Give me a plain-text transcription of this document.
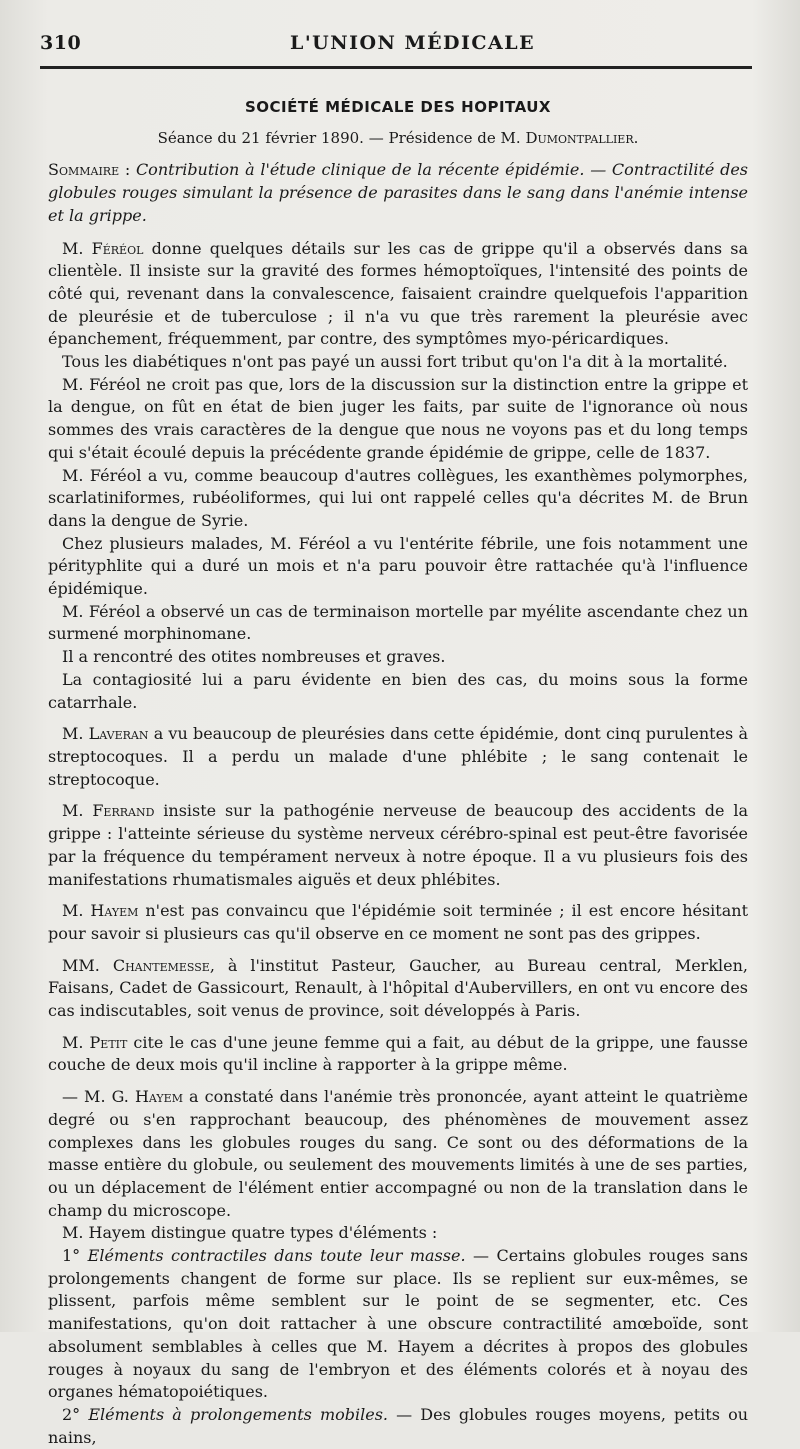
310	L'UNION MÉDICALE
SOCIÉTÉ MÉDICALE DES HOPITAUX
Séance du 21 février 1890. — Présidence de M. Dumontpallier.
Sommaire : Contribution à l'étude clinique de la récente épidémie. — Contractilité des globules rouges simulant la présence de parasites dans le sang dans l'anémie intense et la grippe.

M. Féréol donne quelques détails sur les cas de grippe qu'il a observés dans sa clientèle. Il insiste sur la gravité des formes hémoptoïques, l'intensité des points de côté qui, revenant dans la convalescence, faisaient craindre quelquefois l'apparition de pleurésie et de tuberculose ; il n'a vu que très rarement la pleurésie avec épanchement, fréquemment, par contre, des symptômes myo-péricardiques.

Tous les diabétiques n'ont pas payé un aussi fort tribut qu'on l'a dit à la mortalité.

M. Féréol ne croit pas que, lors de la discussion sur la distinction entre la grippe et la dengue, on fût en état de bien juger les faits, par suite de l'ignorance où nous sommes des vrais caractères de la dengue que nous ne voyons pas et du long temps qui s'était écoulé depuis la précédente grande épidémie de grippe, celle de 1837.

M. Féréol a vu, comme beaucoup d'autres collègues, les exanthèmes polymorphes, scarlatiniformes, rubéoliformes, qui lui ont rappelé celles qu'a décrites M. de Brun dans la dengue de Syrie.

Chez plusieurs malades, M. Féréol a vu l'entérite fébrile, une fois notamment une pérityphlite qui a duré un mois et n'a paru pouvoir être rattachée qu'à l'influence épidémique.

M. Féréol a observé un cas de terminaison mortelle par myélite ascendante chez un surmené morphinomane.

Il a rencontré des otites nombreuses et graves.

La contagiosité lui a paru évidente en bien des cas, du moins sous la forme catarrhale.

M. Laveran a vu beaucoup de pleurésies dans cette épidémie, dont cinq purulentes à streptocoques. Il a perdu un malade d'une phlébite ; le sang contenait le streptocoque.

M. Ferrand insiste sur la pathogénie nerveuse de beaucoup des accidents de la grippe : l'atteinte sérieuse du système nerveux cérébro-spinal est peut-être favorisée par la fréquence du tempérament nerveux à notre époque. Il a vu plusieurs fois des manifestations rhumatismales aiguës et deux phlébites.

M. Hayem n'est pas convaincu que l'épidémie soit terminée ; il est encore hésitant pour savoir si plusieurs cas qu'il observe en ce moment ne sont pas des grippes.

MM. Chantemesse, à l'institut Pasteur, Gaucher, au Bureau central, Merklen, Faisans, Cadet de Gassicourt, Renault, à l'hôpital d'Aubervillers, en ont vu encore des cas indiscutables, soit venus de province, soit développés à Paris.

M. Petit cite le cas d'une jeune femme qui a fait, au début de la grippe, une fausse couche de deux mois qu'il incline à rapporter à la grippe même.

— M. G. Hayem a constaté dans l'anémie très prononcée, ayant atteint le quatrième degré ou s'en rapprochant beaucoup, des phénomènes de mouvement assez complexes dans les globules rouges du sang. Ce sont ou des déformations de la masse entière du globule, ou seulement des mouvements limités à une de ses parties, ou un déplacement de l'élément entier accompagné ou non de la translation dans le champ du microscope.

M. Hayem distingue quatre types d'éléments :

1° Eléments contractiles dans toute leur masse. — Certains globules rouges sans prolongements changent de forme sur place. Ils se replient sur eux-mêmes, se plissent, parfois même semblent sur le point de se segmenter, etc. Ces manifestations, qu'on doit rattacher à une obscure contractilité amœboïde, sont absolument semblables à celles que M. Hayem a décrites à propos des globules rouges à noyaux du sang de l'embryon et des éléments colorés et à noyau des organes hématopoiétiques.

2° Eléments à prolongements mobiles. — Des globules rouges moyens, petits ou nains,
